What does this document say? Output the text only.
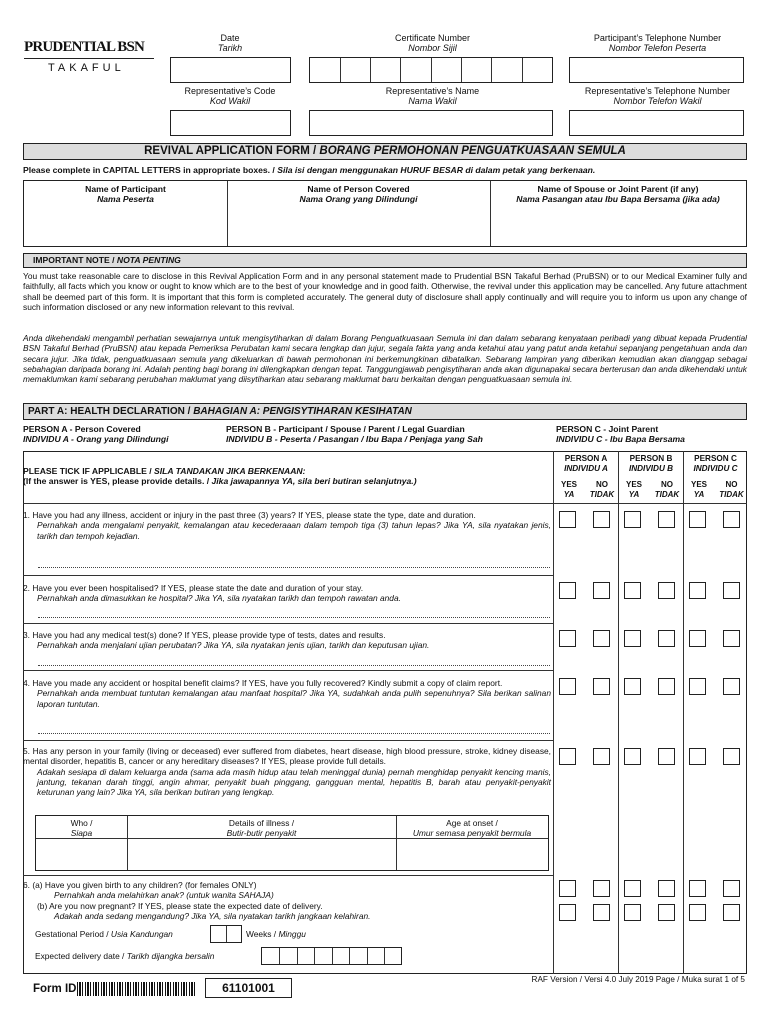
PRUDENTIAL BSN
TAKAFUL
Date
Tarikh
Certificate Number
Nombor Sijil
Participant’s Telephone Number
Nombor Telefon Peserta
Representative’s Code
Kod Wakil
Representative’s Name
Nama Wakil
Representative’s Telephone Number
Nombor Telefon Wakil
REVIVAL APPLICATION FORM / BORANG PERMOHONAN PENGUATKUASAAN SEMULA
Please complete in CAPITAL LETTERS in appropriate boxes. / Sila isi dengan menggunakan HURUF BESAR di dalam petak yang berkenaan.
Name of Participant
Nama Peserta
Name of Person Covered
Nama Orang yang Dilindungi
Name of Spouse or Joint Parent (if any)
Nama Pasangan atau Ibu Bapa Bersama (jika ada)
IMPORTANT NOTE / NOTA PENTING
You must take reasonable care to disclose in this Revival Application Form and in any personal statement made to Prudential BSN Takaful Berhad (PruBSN) or to our Medical Examiner fully and faithfully, all facts which you know or ought to know which are to the best of your knowledge and in good faith. Otherwise, the revival under this application may be cancelled. Any future attachment shall be deemed part of this form. It is important that this form is completed accurately. The general duty of disclosure shall apply continually and will require you to inform us upon any change of such information disclosed or any new information relevant to this revival.
Anda dikehendaki mengambil perhatian sewajarnya untuk mengisytiharkan di dalam Borang Penguatkuasaan Semula ini dan dalam sebarang kenyataan peribadi yang dibuat kepada Prudential BSN Takaful Berhad (PruBSN) atau kepada Pemeriksa Perubatan kami secara lengkap dan jujur, segala fakta yang anda ketahui atau yang patut anda ketahui sepanjang pengetahuan anda dan secara jujur. Jika tidak, penguatkuasaan semula yang dikeluarkan di bawah permohonan ini berkemungkinan dibatalkan. Sebarang lampiran yang diberikan kemudian akan dianggap sebagai sebahagian daripada borang ini. Adalah penting bagi borang ini dilengkapkan dengan tepat. Tanggungjawab pengisytiharan anda akan digunapakai secara berterusan dan anda dikehendaki untuk memaklumkan kami sebarang perubahan maklumat yang diisytiharkan atau sebarang maklumat baru berkaitan dengan penguatkuasaan semula ini.
PART A: HEALTH DECLARATION / BAHAGIAN A: PENGISYTIHARAN KESIHATAN
PERSON A - Person Covered
INDIVIDU A - Orang yang Dilindungi
PERSON B - Participant / Spouse / Parent / Legal Guardian
INDIVIDU B - Peserta / Pasangan / Ibu Bapa / Penjaga yang Sah
PERSON C - Joint Parent
INDIVIDU C - Ibu Bapa Bersama
PLEASE TICK IF APPLICABLE / SILA TANDAKAN JIKA BERKENAAN:
(If the answer is YES, please provide details. / Jika jawapannya YA, sila beri butiran selanjutnya.)
PERSON A
INDIVIDU A
PERSON B
INDIVIDU B
PERSON C
INDIVIDU C
YES
YA
NO
TIDAK
YES
YA
NO
TIDAK
YES
YA
NO
TIDAK
1. Have you had any illness, accident or injury in the past three (3) years? If YES, please state the type, date and duration.
Pernahkah anda mengalami penyakit, kemalangan atau kecederaaan dalam tempoh tiga (3) tahun lepas? Jika YA, sila nyatakan jenis, tarikh dan tempoh kejadian.
2. Have you ever been hospitalised? If YES, please state the date and duration of your stay.
Pernahkah anda dimasukkan ke hospital? Jika YA, sila nyatakan tarikh dan tempoh rawatan anda.
3. Have you had any medical test(s) done? If YES, please provide type of tests, dates and results.
Pernahkah anda menjalani ujian perubatan? Jika YA, sila nyatakan jenis ujian, tarikh dan keputusan ujian.
4. Have you made any accident or hospital benefit claims? If YES, have you fully recovered? Kindly submit a copy of claim report.
Pernahkah anda membuat tuntutan kemalangan atau manfaat hospital? Jika YA, sudahkah anda pulih sepenuhnya? Sila berikan salinan laporan tuntutan.
5. Has any person in your family (living or deceased) ever suffered from diabetes, heart disease, high blood pressure, stroke, kidney disease, mental disorder, hepatitis B, cancer or any hereditary diseases? If YES, please provide full details.
Adakah sesiapa di dalam keluarga anda (sama ada masih hidup atau telah meninggal dunia) pernah menghidap penyakit kencing manis, jantung, tekanan darah tinggi, angin ahmar, penyakit buah pinggang, gangguan mental, hepatitis B, barah atau penyakit-penyakit keturunan yang lain? Jika YA, sila berikan butiran yang lengkap.
Who /
Siapa
Details of illness /
Butir-butir penyakit
Age at onset /
Umur semasa penyakit bermula
6. (a) Have you given birth to any children? (for females ONLY)
Pernahkah anda melahirkan anak? (untuk wanita SAHAJA)
(b) Are you now pregnant? If YES, please state the expected date of delivery.
Adakah anda sedang mengandung? Jika YA, sila nyatakan tarikh jangkaan kelahiran.
Gestational Period / Usia Kandungan	Weeks / Minggu
Expected delivery date / Tarikh dijangka bersalin
Form ID	61101001
RAF Version / Versi 4.0 July 2019 Page / Muka surat 1 of 5
